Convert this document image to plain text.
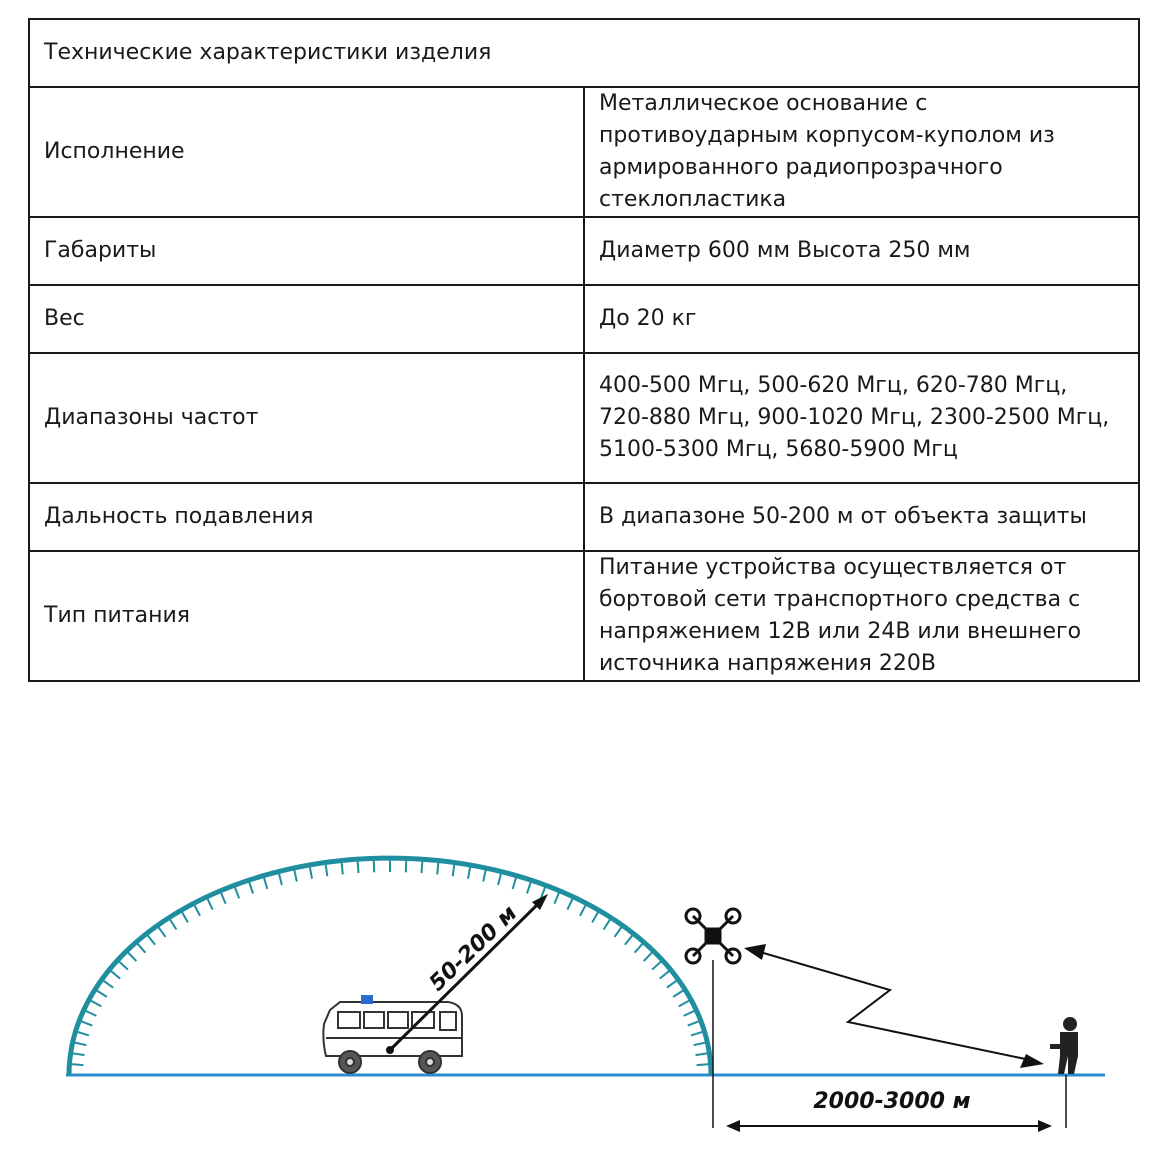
Технические характеристики изделия	
Исполнение	Металлическое основание с противоударным корпусом-куполом из армированного радиопрозрачного стеклопластика
Габариты	Диаметр 600 мм Высота 250 мм
Вес	До 20 кг
Диапазоны частот	400-500 Мгц, 500-620 Мгц, 620-780 Мгц, 720-880 Мгц, 900-1020 Мгц, 2300-2500 Мгц, 5100-5300 Мгц, 5680-5900 Мгц
Дальность подавления	В диапазоне 50-200 м от объекта защиты
Тип питания	Питание устройства осуществляется от бортовой сети транспортного средства с напряжением 12В или 24В или внешнего источника напряжения 220В
50-200 м
2000-3000 м
